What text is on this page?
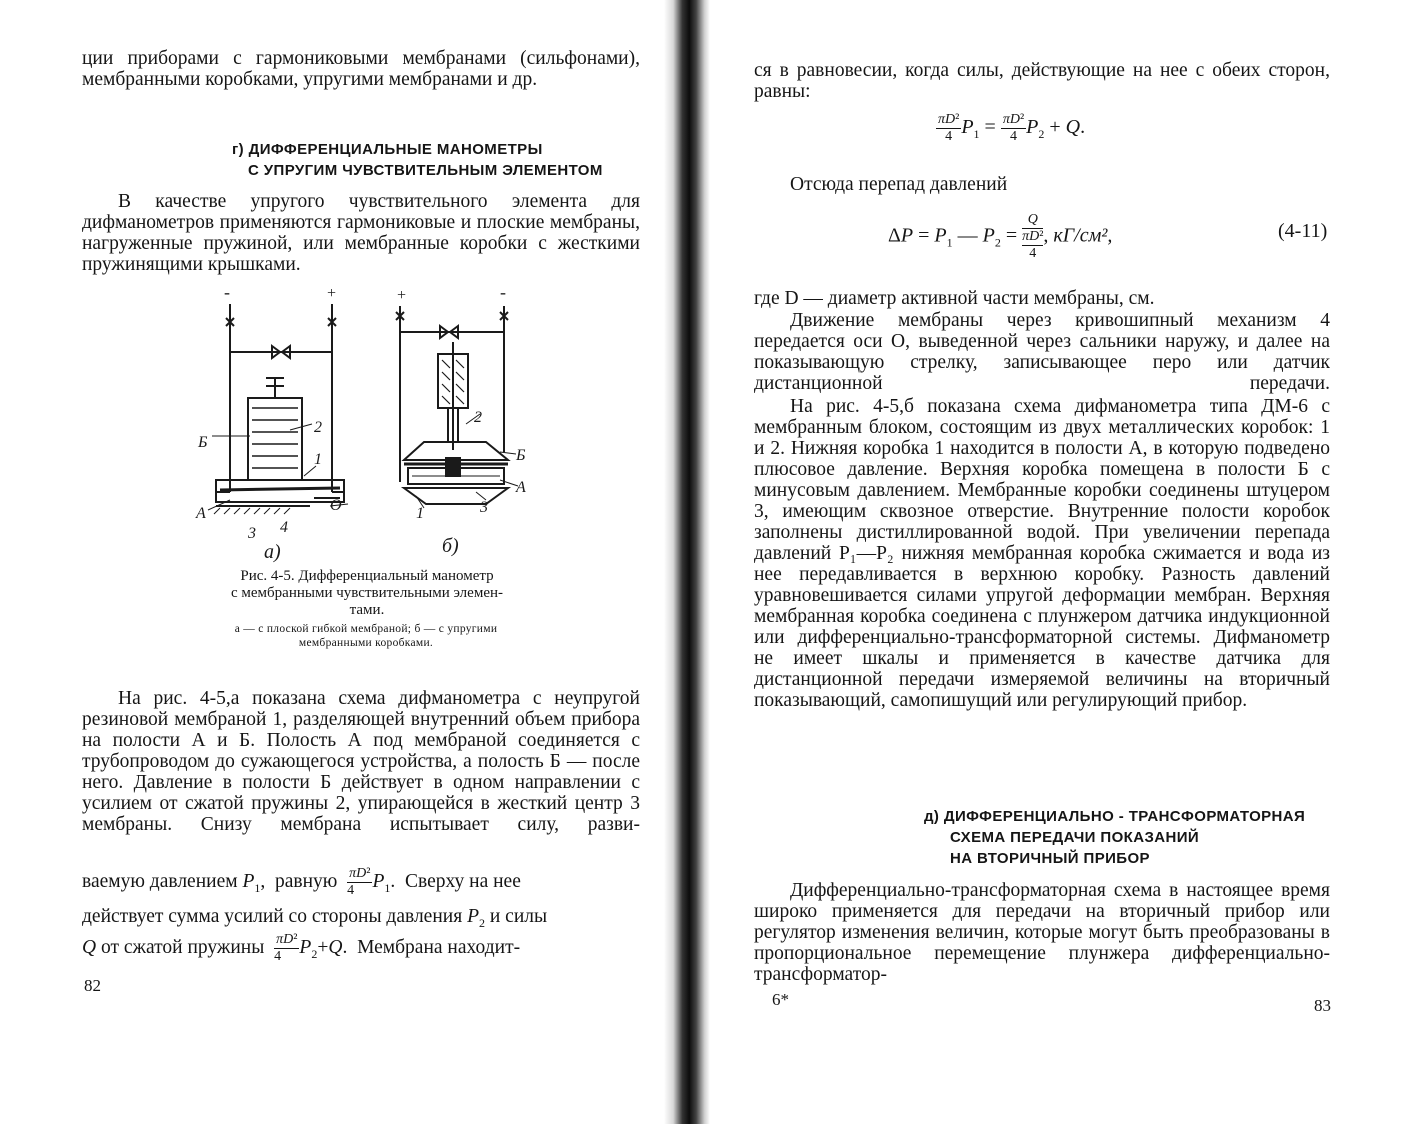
ции приборами с гармониковыми мембранами (сильфонами), мембранными коробками, упругими мембранами и др.

г) ДИФФЕРЕНЦИАЛЬНЫЕ МАНОМЕТРЫ
С УПРУГИМ ЧУВСТВИТЕЛЬНЫМ ЭЛЕМЕНТОМ

В качестве упругого чувствительного элемента для дифманометров применяются гармониковые и плоские мембраны, нагруженные пружиной, или мембранные коробки с жесткими пружинящими крышками.

-	+	+	-
Б
2
1
А
3 4
О
2
Б
А
1	3
а)	б)
Рис. 4-5. Дифференциальный манометр
с мембранными чувствительными элемен-
тами.
а — с плоской гибкой мембраной; б — с упругими
мембранными коробками.

На рис. 4-5,а показана схема дифманометра с неупругой резиновой мембраной 1, разделяющей внутренний объем прибора на полости А и Б. Полость А под мембраной соединяется с трубопроводом до сужающегося устройства, а полость Б — после него. Давление в полости Б действует в одном направлении с усилием от сжатой пружины 2, упирающейся в жесткий центр 3 мембраны. Снизу мембрана испытывает силу, разви-

ваемую давлением $P_1$,  равную $\frac{\text{πD²}}{4} P_1$.  Сверху на нее
действует сумма усилий со стороны давления $P_2$ и силы
Q от сжатой пружины $\frac{\text{πD²}}{4} P_2+Q$.  Мембрана находит-
82

ся в равновесии, когда силы, действующие на нее с обеих сторон, равны:

$\frac{\text{πD²}}{4} P_1 = \frac{\text{πD²}}{4} P_2 + Q$.

Отсюда перепад давлений

$\Delta P = P_1$ — $P_2$ =
Q
πD²
4
, кГ/см²,	(4-11)

где D — диаметр активной части мембраны, см.

Движение мембраны через кривошипный механизм 4 передается оси О, выведенной через сальники наружу, и далее на показывающую стрелку, записывающее перо или датчик дистанционной передачи.

На рис. 4-5,б показана схема дифманометра типа ДМ-6 с мембранным блоком, состоящим из двух металлических коробок: 1 и 2. Нижняя коробка 1 находится в полости А, в которую подведено плюсовое давление. Верхняя коробка помещена в полости Б с минусовым давлением. Мембранные коробки соединены штуцером 3, имеющим сквозное отверстие. Внутренние полости коробок заполнены дистиллированной водой. При увеличении перепада давлений P₁—P₂ нижняя мембранная коробка сжимается и вода из нее передавливается в верхнюю коробку. Разность давлений уравновешивается силами упругой деформации мембран. Верхняя мембранная коробка соединена с плунжером датчика индукционной или дифференциально-трансформаторной системы. Дифманометр не имеет шкалы и применяется в качестве датчика для дистанционной передачи измеряемой величины на вторичный показывающий, самопишущий или регулирующий прибор.

д) ДИФФЕРЕНЦИАЛЬНО - ТРАНСФОРМАТОРНАЯ
СХЕМА ПЕРЕДАЧИ ПОКАЗАНИЙ
НА ВТОРИЧНЫЙ ПРИБОР

Дифференциально-трансформаторная схема в настоящее время широко применяется для передачи на вторичный прибор или регулятор изменения величин, которые могут быть преобразованы в пропорциональное перемещение плунжера дифференциально-трансформатор-

6*	83
